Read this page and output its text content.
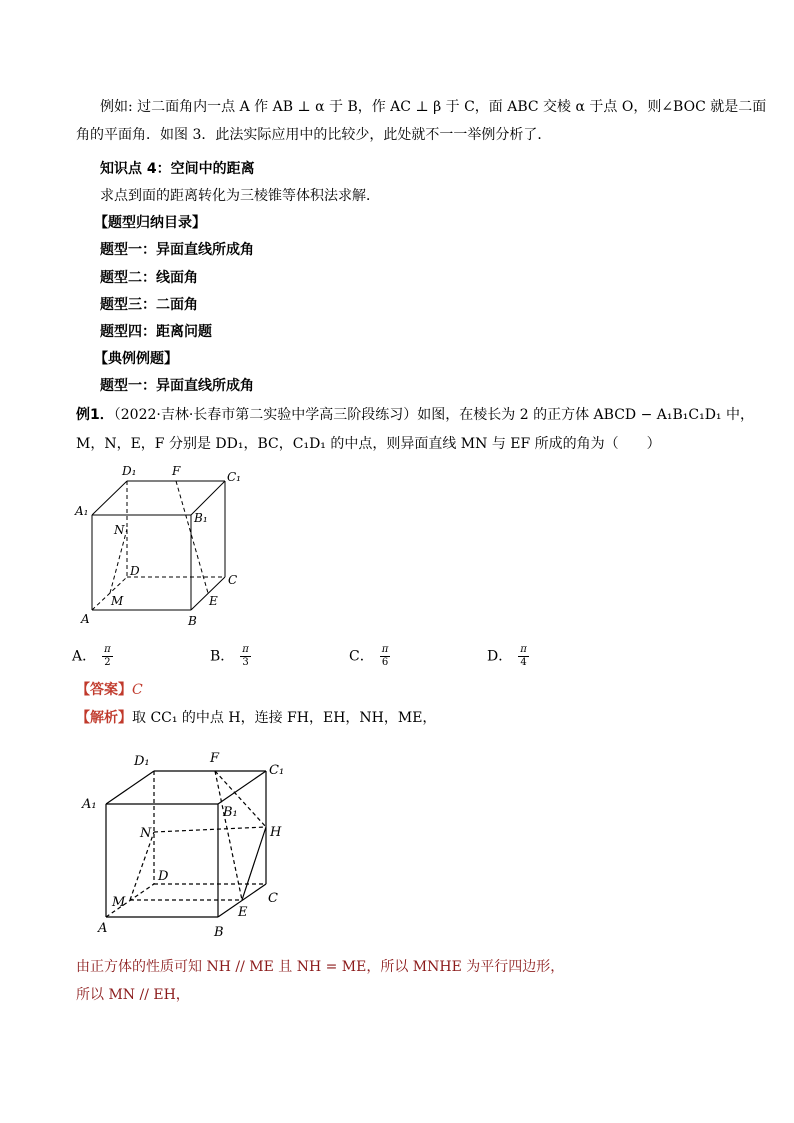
例如: 过二面角内一点 A 作 AB ⊥ α 于 B，作 AC ⊥ β 于 C，面 ABC 交棱 α 于点 O，则∠BOC 就是二面
角的平面角．如图 3．此法实际应用中的比较少，此处就不一一举例分析了．
知识点 4：空间中的距离
求点到面的距离转化为三棱锥等体积法求解．
【题型归纳目录】
题型一：异面直线所成角
题型二：线面角
题型三：二面角
题型四：距离问题
【典例例题】
题型一：异面直线所成角
例1．（2022·吉林·长春市第二实验中学高三阶段练习）如图，在棱长为 2 的正方体 ABCD − A₁B₁C₁D₁ 中，
M，N，E，F 分别是 DD₁，BC，C₁D₁ 的中点，则异面直线 MN 与 EF 所成的角为（　　）
D₁	F	C₁
A₁
N
B₁
D
C
M	E
A	B
A． $\frac{\pi}{2}$	B． $\frac{\pi}{3}$	C． $\frac{\pi}{6}$	D． $\frac{\pi}{4}$
【答案】C
【解析】取 CC₁ 的中点 H，连接 FH，EH，NH，ME，
D₁	F
C₁
A₁
N
B₁
H
D
C
M
E
A	B
由正方体的性质可知 NH // ME 且 NH = ME，所以 MNHE 为平行四边形，
所以 MN // EH，
